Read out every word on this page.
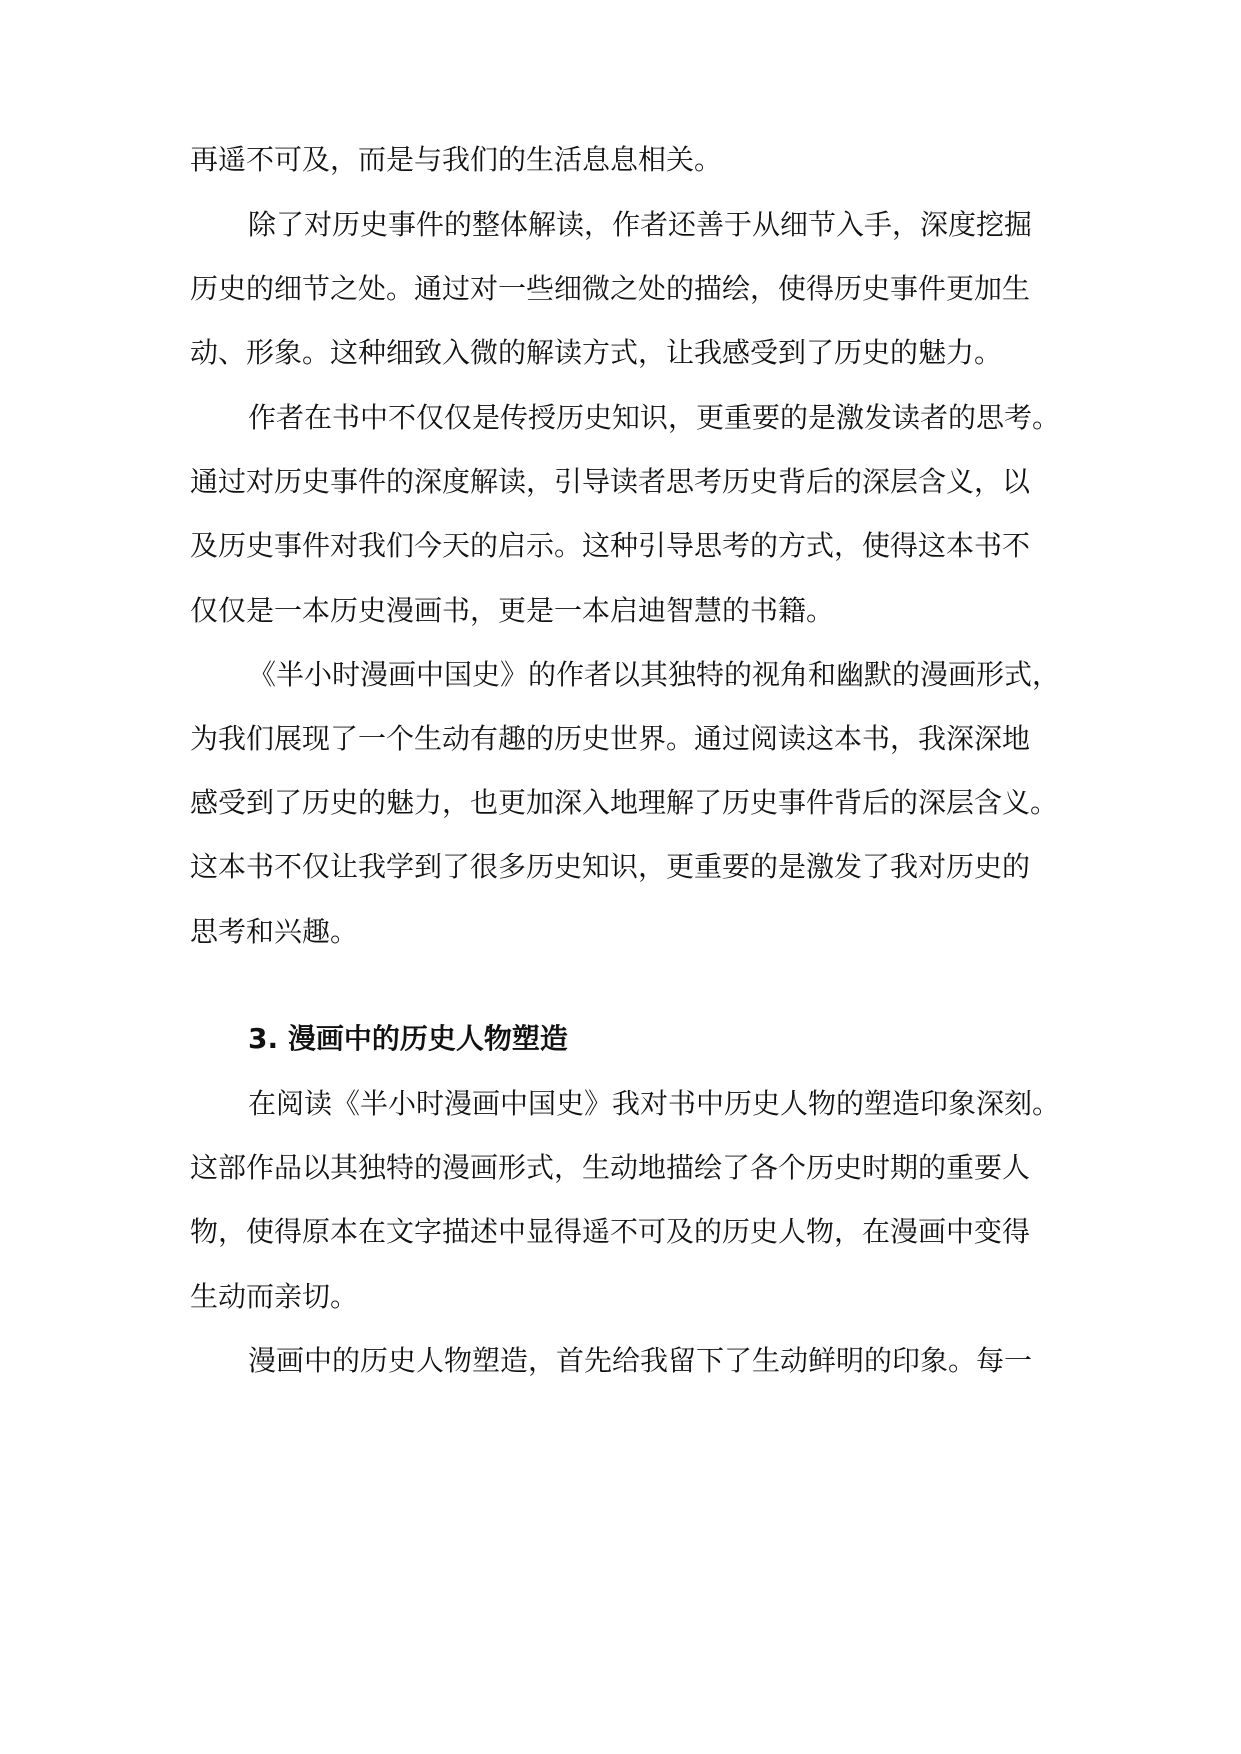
再遥不可及，而是与我们的生活息息相关。
除了对历史事件的整体解读，作者还善于从细节入手，深度挖掘
历史的细节之处。通过对一些细微之处的描绘，使得历史事件更加生
动、形象。这种细致入微的解读方式，让我感受到了历史的魅力。
作者在书中不仅仅是传授历史知识，更重要的是激发读者的思考。
通过对历史事件的深度解读，引导读者思考历史背后的深层含义，以
及历史事件对我们今天的启示。这种引导思考的方式，使得这本书不
仅仅是一本历史漫画书，更是一本启迪智慧的书籍。
《半小时漫画中国史》的作者以其独特的视角和幽默的漫画形式，
为我们展现了一个生动有趣的历史世界。通过阅读这本书，我深深地
感受到了历史的魅力，也更加深入地理解了历史事件背后的深层含义。
这本书不仅让我学到了很多历史知识，更重要的是激发了我对历史的
思考和兴趣。
3. 漫画中的历史人物塑造
在阅读《半小时漫画中国史》我对书中历史人物的塑造印象深刻。
这部作品以其独特的漫画形式，生动地描绘了各个历史时期的重要人
物，使得原本在文字描述中显得遥不可及的历史人物，在漫画中变得
生动而亲切。
漫画中的历史人物塑造，首先给我留下了生动鲜明的印象。每一
